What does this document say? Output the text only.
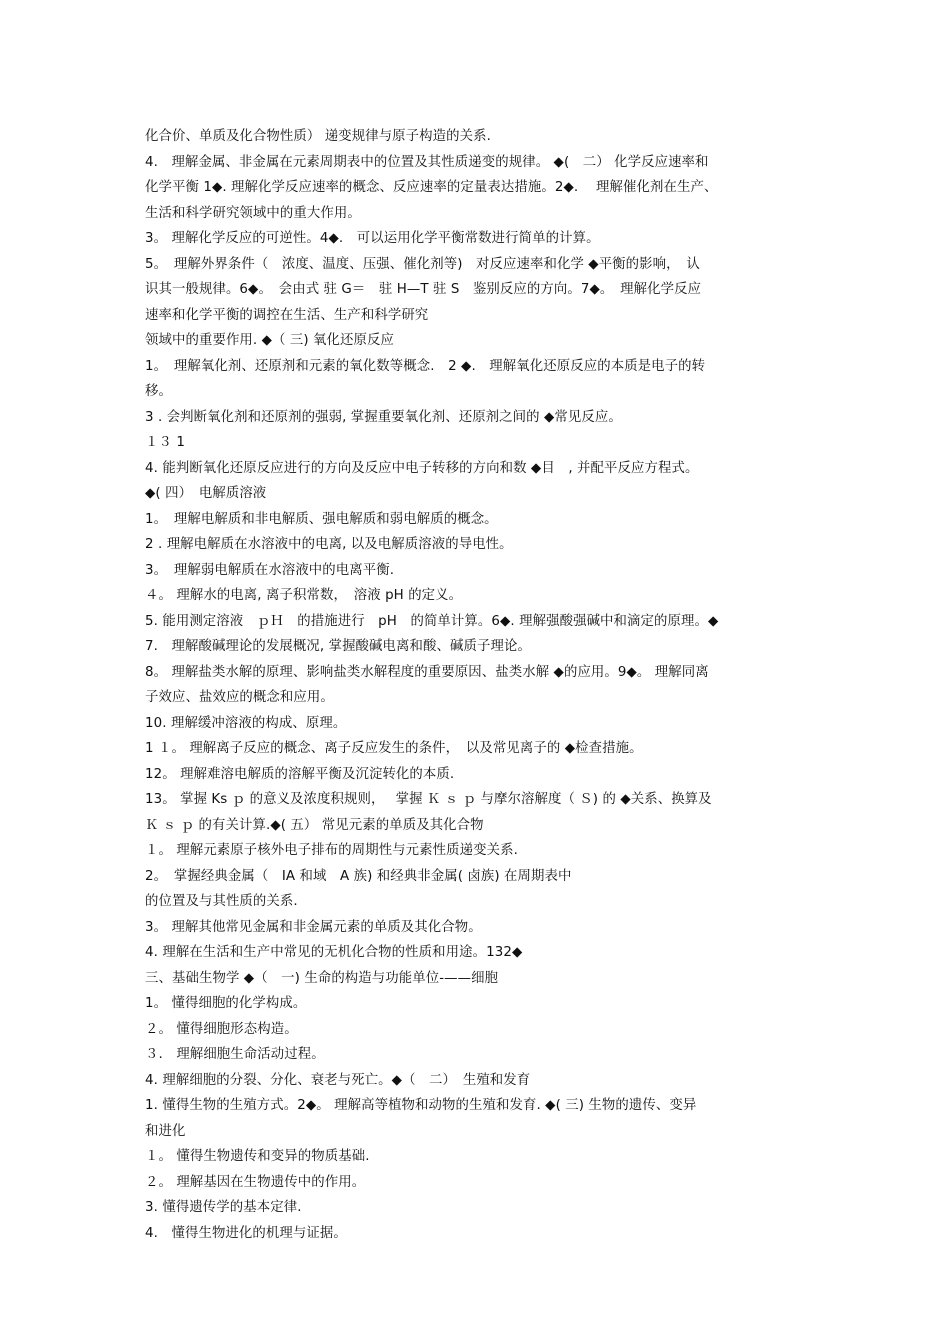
化合价、单质及化合物性质） 递变规律与原子构造的关系.
4.　理解金属、非金属在元素周期表中的位置及其性质递变的规律。 ◆(　二） 化学反应速率和
化学平衡 1◆. 理解化学反应速率的概念、反应速率的定量表达措施。2◆.　 理解催化剂在生产、
生活和科学研究领域中的重大作用。
3。 理解化学反应的可逆性。4◆.　可以运用化学平衡常数进行简单的计算。
5。　理解外界条件（　浓度、温度、压强、催化剂等)　对反应速率和化学 ◆平衡的影响，　认
识其一般规律。6◆。　会由式 驻 G＝　驻 H—T 驻 S　鉴别反应的方向。7◆。　理解化学反应
速率和化学平衡的调控在生活、生产和科学研究
领域中的重要作用. ◆（ 三) 氧化还原反应
1。　理解氧化剂、还原剂和元素的氧化数等概念.　2 ◆.　理解氧化还原反应的本质是电子的转
移。
3 . 会判断氧化剂和还原剂的强弱, 掌握重要氧化剂、还原剂之间的 ◆常见反应。
１３ 1
4. 能判断氧化还原反应进行的方向及反应中电子转移的方向和数 ◆目　, 并配平反应方程式。
◆( 四）　电解质溶液
1。　理解电解质和非电解质、强电解质和弱电解质的概念。
2 . 理解电解质在水溶液中的电离, 以及电解质溶液的导电性。
3。　理解弱电解质在水溶液中的电离平衡.
４。 理解水的电离, 离子积常数，　溶液 pH 的定义。
5. 能用测定溶液　ｐＨ　的措施进行　pH　的简单计算。6◆. 理解强酸强碱中和滴定的原理。◆
7.　理解酸碱理论的发展概况, 掌握酸碱电离和酸、碱质子理论。
8。 理解盐类水解的原理、影响盐类水解程度的重要原因、盐类水解 ◆的应用。9◆。 理解同离
子效应、盐效应的概念和应用。
10. 理解缓冲溶液的构成、原理。
1 １。 理解离子反应的概念、离子反应发生的条件，　以及常见离子的 ◆检查措施。
12。 理解难溶电解质的溶解平衡及沉淀转化的本质.
13。 掌握 Ks ｐ 的意义及浓度积规则，　 掌握 Ｋ ｓ ｐ 与摩尔溶解度（ Ｓ) 的 ◆关系、换算及
Ｋ ｓ ｐ 的有关计算.◆( 五） 常见元素的单质及其化合物
１。 理解元素原子核外电子排布的周期性与元素性质递变关系.
2。　掌握经典金属（　IA 和域　A 族) 和经典非金属( 卤族) 在周期表中
的位置及与其性质的关系.
3。 理解其他常见金属和非金属元素的单质及其化合物。
4. 理解在生活和生产中常见的无机化合物的性质和用途。132◆
三、基础生物学 ◆（　一) 生命的构造与功能单位-——细胞
1。 懂得细胞的化学构成。
２。 懂得细胞形态构造。
３.　理解细胞生命活动过程。
4. 理解细胞的分裂、分化、衰老与死亡。◆（　二）　生殖和发育
1. 懂得生物的生殖方式。2◆。 理解高等植物和动物的生殖和发育. ◆( 三) 生物的遗传、变异
和进化
１。 懂得生物遗传和变异的物质基础.
２。 理解基因在生物遗传中的作用。
3. 懂得遗传学的基本定律.
4.　懂得生物进化的机理与证据。
